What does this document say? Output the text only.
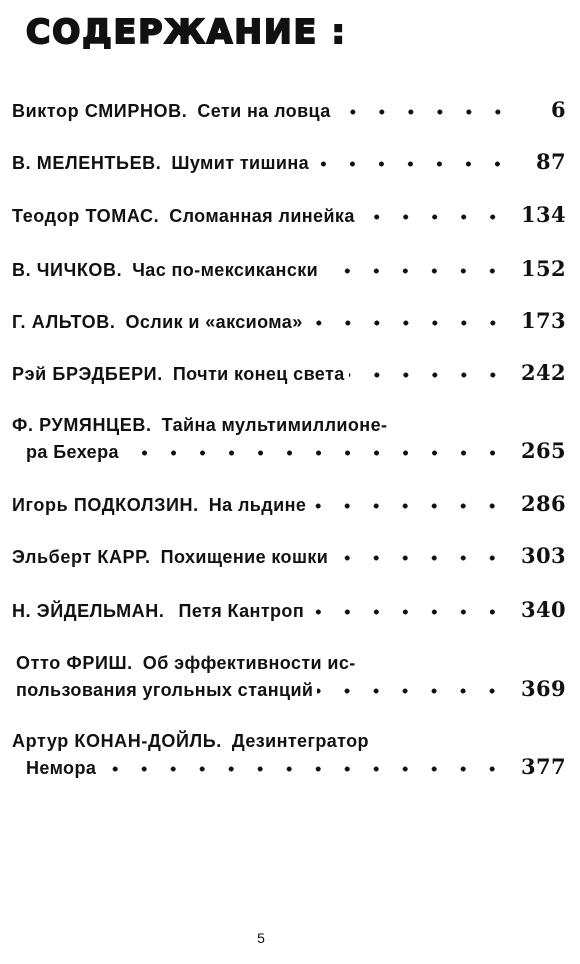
СОДЕРЖАНИЕ :
Виктор СМИРНОВ. Сети на ловца	6
В. МЕЛЕНТЬЕВ. Шумит тишина	87
Теодор ТОМАС. Сломанная линейка	134
В. ЧИЧКОВ. Час по-мексикански	152
Г. АЛЬТОВ. Ослик и «аксиома»	173
Рэй БРЭДБЕРИ. Почти конец света	242
Ф. РУМЯНЦЕВ. Тайна мультимиллионе-
ра Бехера	265
Игорь ПОДКОЛЗИН. На льдине	286
Эльберт КАРР. Похищение кошки	303
Н. ЭЙДЕЛЬМАН. Петя Кантроп	340
Отто ФРИШ. Об эффективности ис-
пользования угольных станций	369
Артур КОНАН-ДОЙЛЬ. Дезинтегратор
Немора	377
5
